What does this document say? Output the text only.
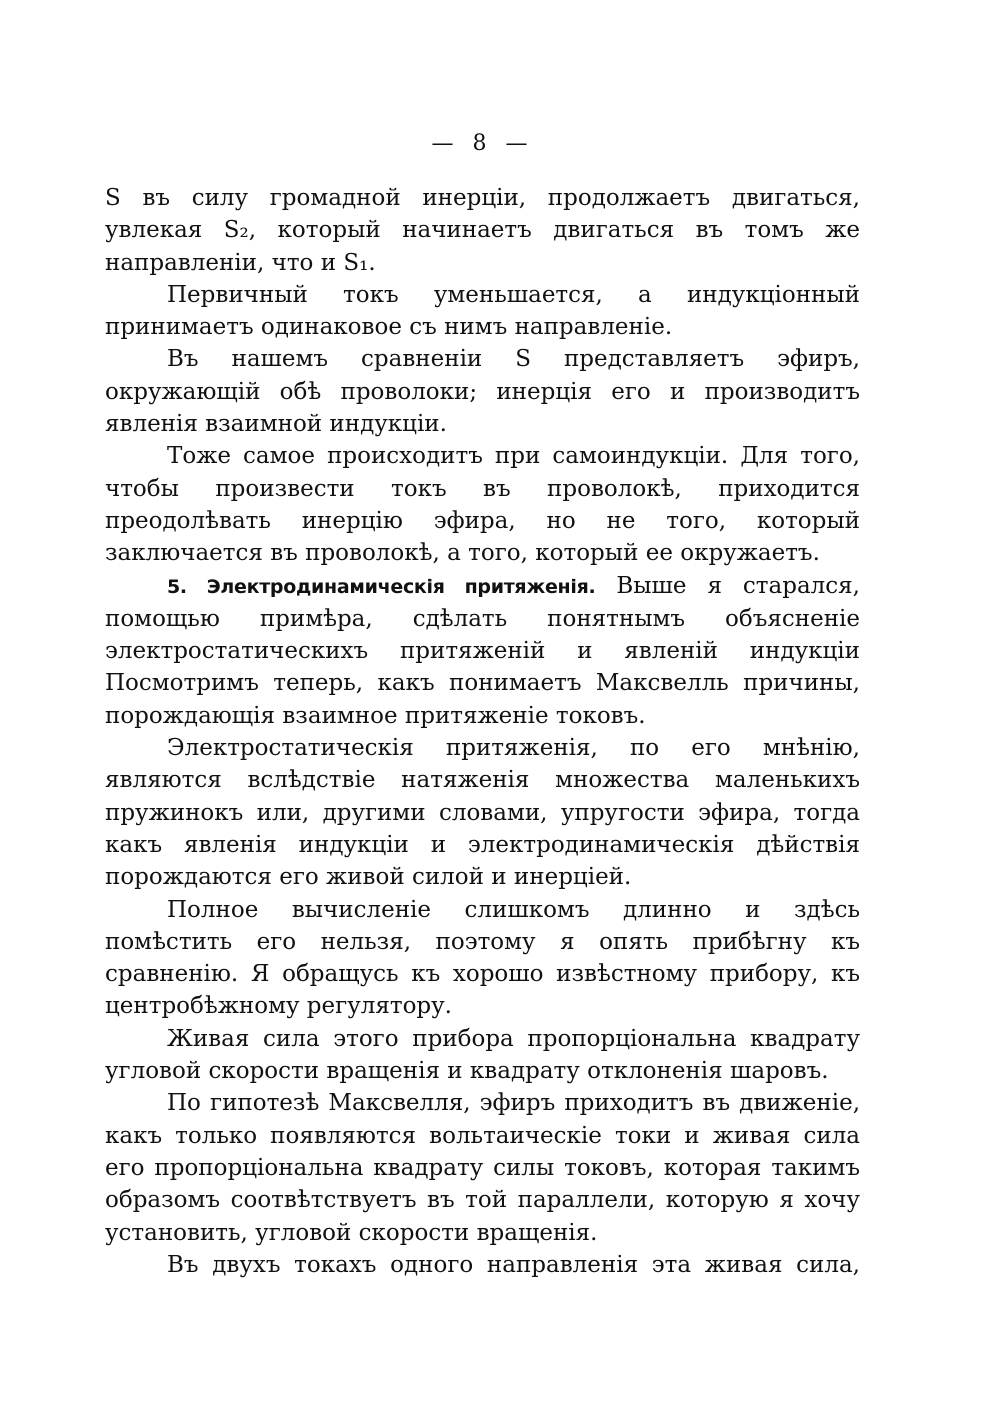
— 8 —

S въ силу громадной инерціи, продолжаетъ двигаться, увлекая S₂, который начинаетъ двигаться въ томъ же направленіи, что и S₁.

Первичный токъ уменьшается, а индукціонный принимаетъ одинаковое съ нимъ направленіе.

Въ нашемъ сравненіи S представляетъ эфиръ, окружающій обѣ проволоки; инерція его и производитъ явленія взаимной индукціи.

Тоже самое происходитъ при самоиндукціи. Для того, чтобы произвести токъ въ проволокѣ, приходится преодолѣвать инерцію эфира, но не того, который заключается въ проволокѣ, а того, который ее окружаетъ.

5. Электродинамическія притяженія. Выше я старался, помощью примѣра, сдѣлать понятнымъ объясненіе электростатическихъ притяженій и явленій индукціи Посмотримъ теперь, какъ понимаетъ Максвелль причины, порождающія взаимное притяженіе токовъ.

Электростатическія притяженія, по его мнѣнію, являются вслѣдствіе натяженія множества маленькихъ пружинокъ или, другими словами, упругости эфира, тогда какъ явленія индукціи и электродинамическія дѣйствія порождаются его живой силой и инерціей.

Полное вычисленіе слишкомъ длинно и здѣсь помѣстить его нельзя, поэтому я опять прибѣгну къ сравненію. Я обращусь къ хорошо извѣстному прибору, къ центробѣжному регулятору.

Живая сила этого прибора пропорціональна квадрату угловой скорости вращенія и квадрату отклоненія шаровъ.

По гипотезѣ Максвелля, эфиръ приходитъ въ движеніе, какъ только появляются вольтаическіе токи и живая сила его пропорціональна квадрату силы токовъ, которая такимъ образомъ соотвѣтствуетъ въ той параллели, которую я хочу установить, угловой скорости вращенія.

Въ двухъ токахъ одного направленія эта живая сила,
